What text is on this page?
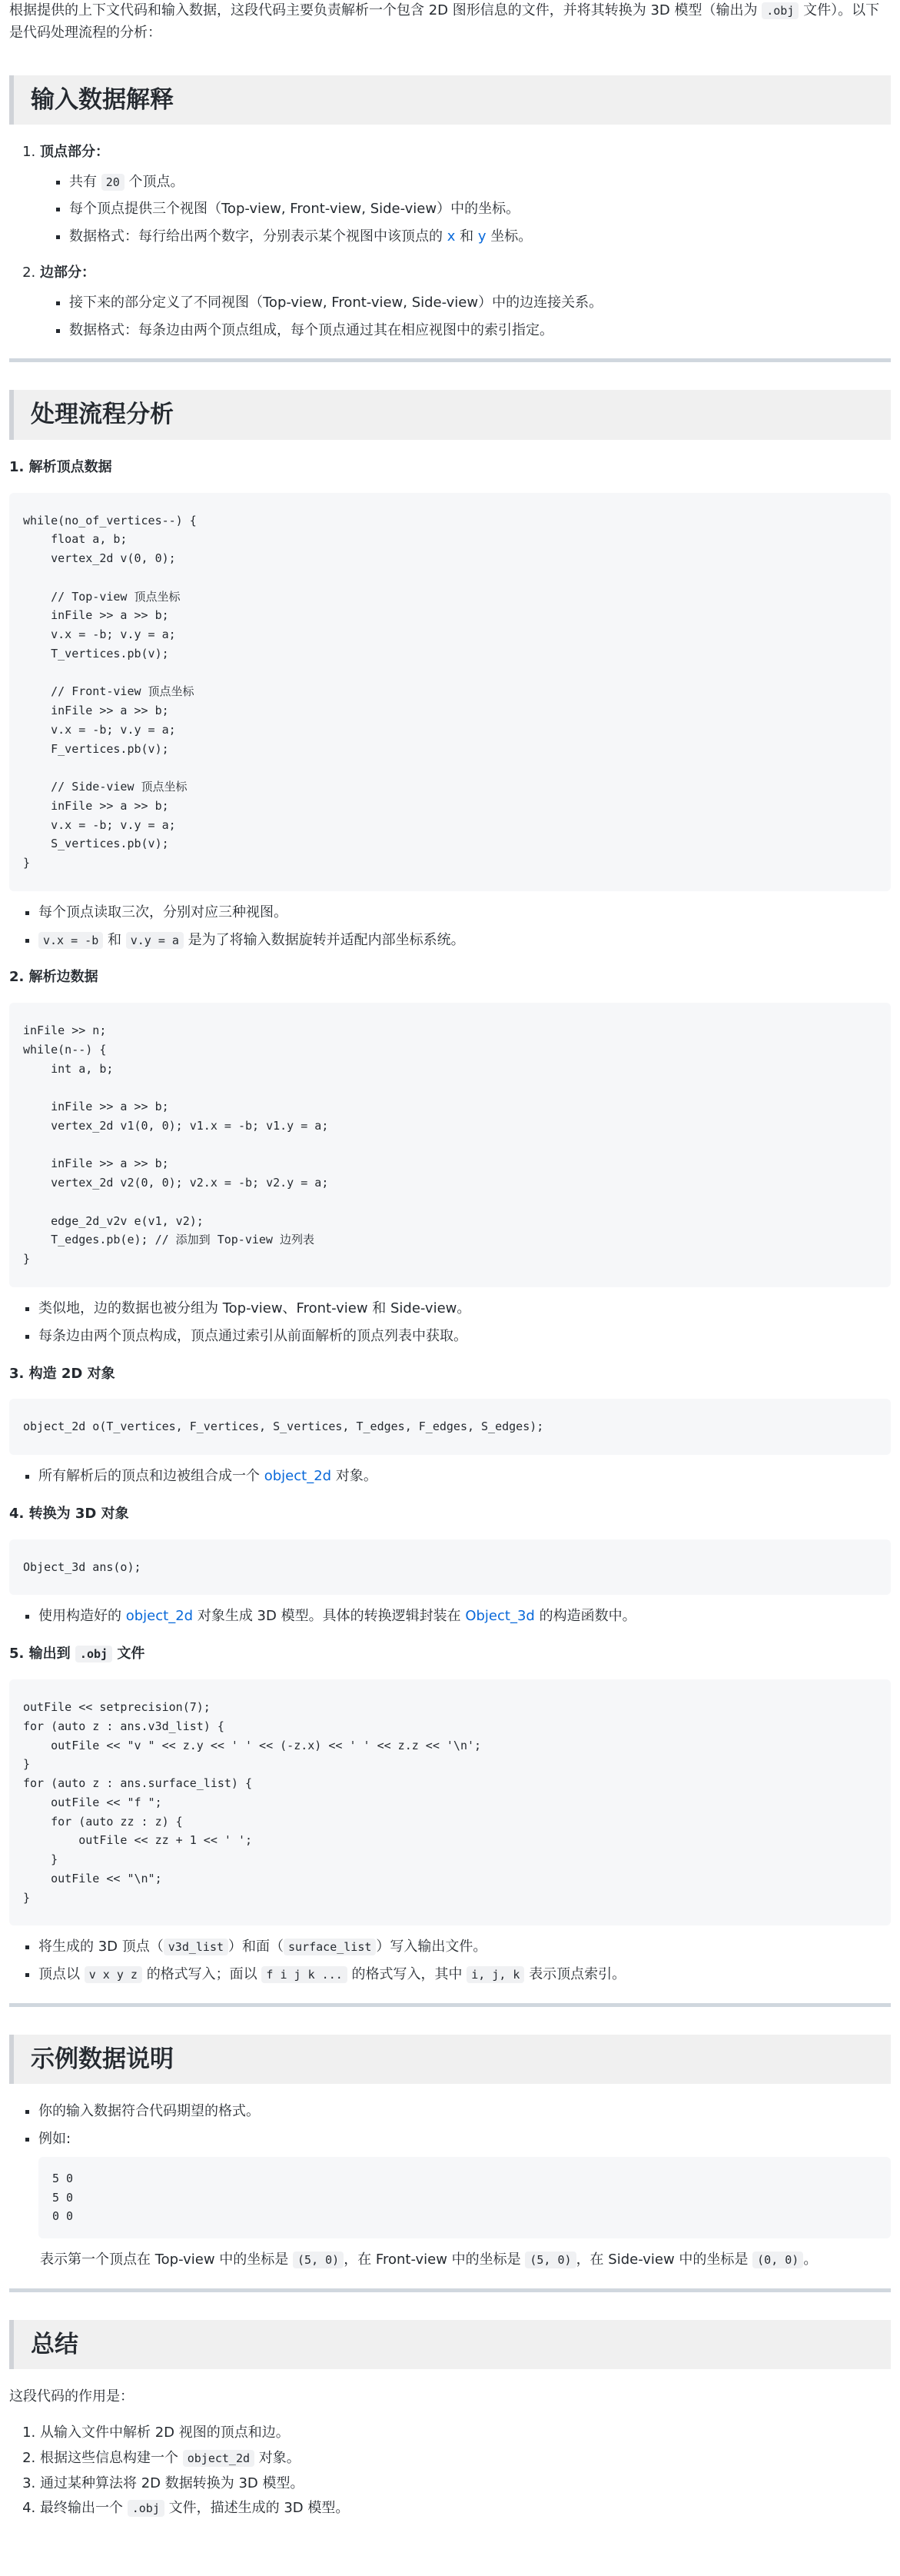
根据提供的上下文代码和输入数据，这段代码主要负责解析一个包含 2D 图形信息的文件，并将其转换为 3D 模型（输出为 .obj 文件）。以下是代码处理流程的分析：

输入数据解释
1. 顶点部分：
▪ 共有 20 个顶点。
▪ 每个顶点提供三个视图（Top-view, Front-view, Side-view）中的坐标。
▪ 数据格式：每行给出两个数字，分别表示某个视图中该顶点的 x 和 y 坐标。
2. 边部分：
▪ 接下来的部分定义了不同视图（Top-view, Front-view, Side-view）中的边连接关系。
▪ 数据格式：每条边由两个顶点组成，每个顶点通过其在相应视图中的索引指定。
处理流程分析
1. 解析顶点数据
while(no_of_vertices--) {
float a, b;
vertex_2d v(0, 0);

// Top-view 顶点坐标
inFile >> a >> b;
v.x = -b; v.y = a;
T_vertices.pb(v);

// Front-view 顶点坐标
inFile >> a >> b;
v.x = -b; v.y = a;
F_vertices.pb(v);

// Side-view 顶点坐标
inFile >> a >> b;
v.x = -b; v.y = a;
S_vertices.pb(v);
}
▪ 每个顶点读取三次，分别对应三种视图。
▪ v.x = -b 和 v.y = a 是为了将输入数据旋转并适配内部坐标系统。
2. 解析边数据
inFile >> n;
while(n--) {
int a, b;

inFile >> a >> b;
vertex_2d v1(0, 0); v1.x = -b; v1.y = a;

inFile >> a >> b;
vertex_2d v2(0, 0); v2.x = -b; v2.y = a;

edge_2d_v2v e(v1, v2);
T_edges.pb(e); // 添加到 Top-view 边列表
}
▪ 类似地，边的数据也被分组为 Top-view、Front-view 和 Side-view。
▪ 每条边由两个顶点构成，顶点通过索引从前面解析的顶点列表中获取。
3. 构造 2D 对象
object_2d o(T_vertices, F_vertices, S_vertices, T_edges, F_edges, S_edges);
▪ 所有解析后的顶点和边被组合成一个 object_2d 对象。
4. 转换为 3D 对象
Object_3d ans(o);
▪ 使用构造好的 object_2d 对象生成 3D 模型。具体的转换逻辑封装在 Object_3d 的构造函数中。
5. 输出到 .obj 文件
outFile << setprecision(7);
for (auto z : ans.v3d_list) {
outFile << "v " << z.y << ' ' << (-z.x) << ' ' << z.z << '\n';
}
for (auto z : ans.surface_list) {
outFile << "f ";
for (auto zz : z) {
outFile << zz + 1 << ' ';
}
outFile << "\n";
}
▪ 将生成的 3D 顶点（ v3d_list ）和面（ surface_list ）写入输出文件。
▪ 顶点以 v x y z 的格式写入；面以 f i j k ... 的格式写入，其中 i, j, k 表示顶点索引。
示例数据说明
▪ 你的输入数据符合代码期望的格式。
▪ 例如:
5 0
5 0
0 0

表示第一个顶点在 Top-view 中的坐标是 (5, 0) ，在 Front-view 中的坐标是 (5, 0) ，在 Side-view 中的坐标是 (0, 0) 。

总结

这段代码的作用是：

1. 从输入文件中解析 2D 视图的顶点和边。
2. 根据这些信息构建一个 object_2d 对象。
3. 通过某种算法将 2D 数据转换为 3D 模型。
4. 最终输出一个 .obj 文件，描述生成的 3D 模型。
